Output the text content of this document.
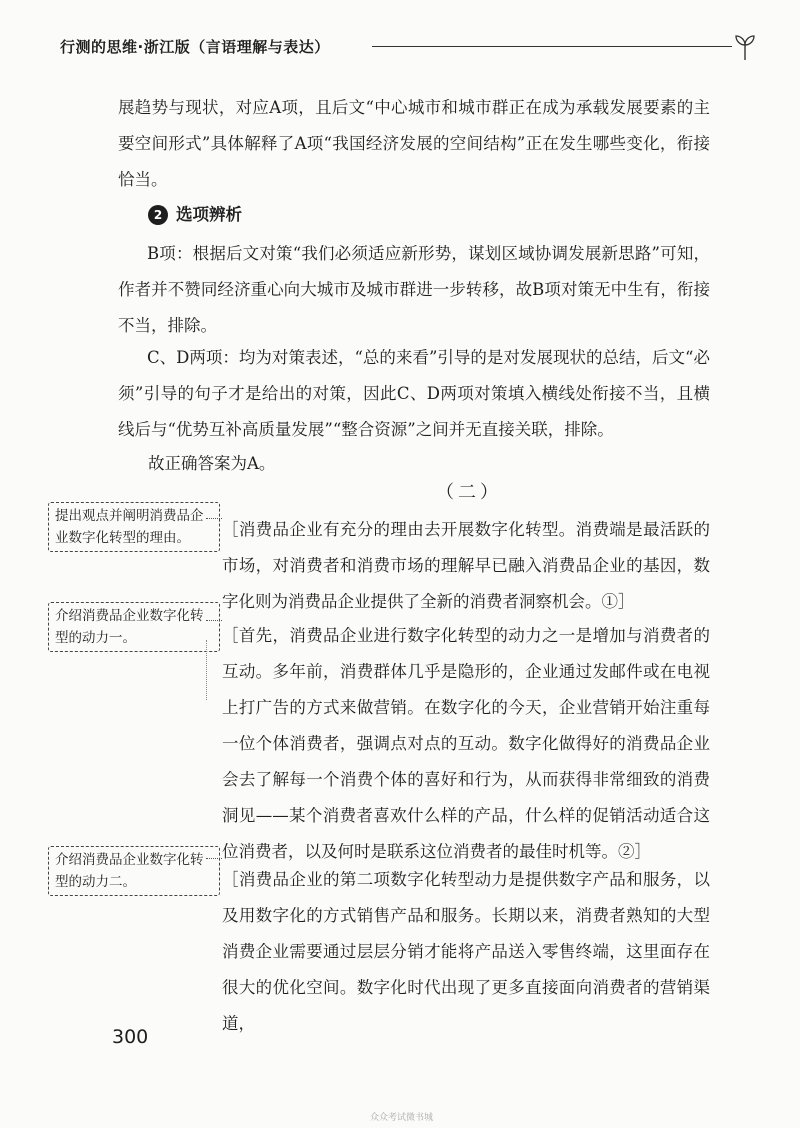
行测的思维·浙江版（言语理解与表达）
展趋势与现状，对应A项，且后文“中心城市和城市群正在成为承载发展要素的主要空间形式”具体解释了A项“我国经济发展的空间结构”正在发生哪些变化，衔接恰当。
2 选项辨析
B项：根据后文对策“我们必须适应新形势，谋划区域协调发展新思路”可知，作者并不赞同经济重心向大城市及城市群进一步转移，故B项对策无中生有，衔接不当，排除。
C、D两项：均为对策表述，“总的来看”引导的是对发展现状的总结，后文“必须”引导的句子才是给出的对策，因此C、D两项对策填入横线处衔接不当，且横线后与“优势互补高质量发展”“整合资源”之间并无直接关联，排除。
故正确答案为A。
（二）
提出观点并阐明消费品企业数字化转型的理由。
介绍消费品企业数字化转型的动力一。
介绍消费品企业数字化转型的动力二。
［消费品企业有充分的理由去开展数字化转型。消费端是最活跃的市场，对消费者和消费市场的理解早已融入消费品企业的基因，数字化则为消费品企业提供了全新的消费者洞察机会。①］
［首先，消费品企业进行数字化转型的动力之一是增加与消费者的互动。多年前，消费群体几乎是隐形的，企业通过发邮件或在电视上打广告的方式来做营销。在数字化的今天，企业营销开始注重每一位个体消费者，强调点对点的互动。数字化做得好的消费品企业会去了解每一个消费个体的喜好和行为，从而获得非常细致的消费洞见——某个消费者喜欢什么样的产品，什么样的促销活动适合这位消费者，以及何时是联系这位消费者的最佳时机等。②］
［消费品企业的第二项数字化转型动力是提供数字产品和服务，以及用数字化的方式销售产品和服务。长期以来，消费者熟知的大型消费企业需要通过层层分销才能将产品送入零售终端，这里面存在很大的优化空间。数字化时代出现了更多直接面向消费者的营销渠道，
300
众众考试微书城
